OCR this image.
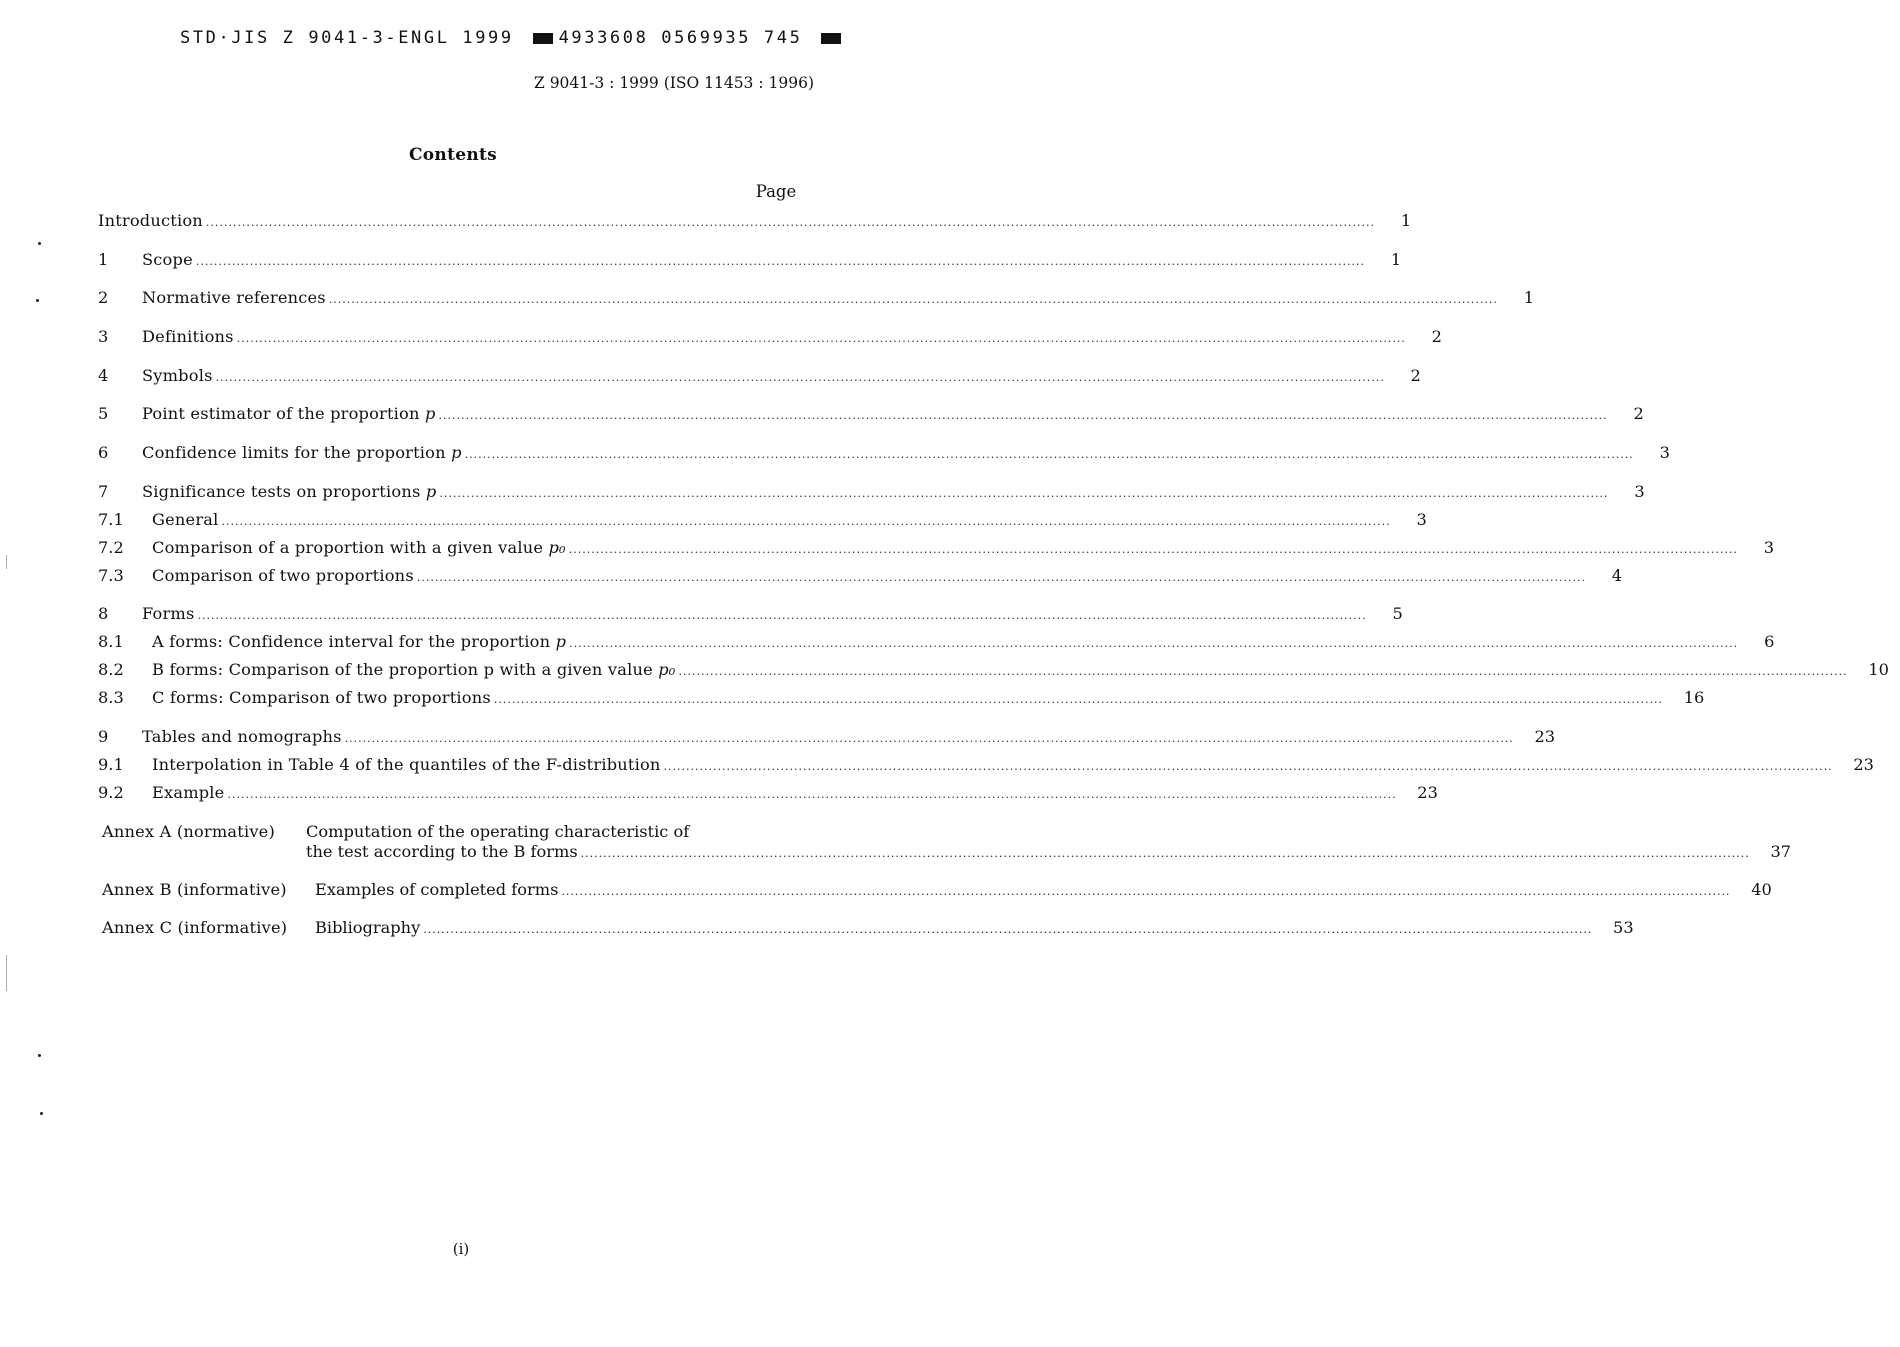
STD·JIS Z 9041-3-ENGL 1999	4933608 0569935 745
Z 9041-3 : 1999 (ISO 11453 : 1996)
Contents
Page
Introduction .....	1
1	Scope .....	1
2	Normative references .....	1
3	Definitions .....	2
4	Symbols .....	2
5	Point estimator of the proportion p .....	2
6	Confidence limits for the proportion p .....	3
7	Significance tests on proportions p .....	3
7.1	General .....	3
7.2	Comparison of a proportion with a given value p₀ .....	3
7.3	Comparison of two proportions .....	4
8	Forms .....	5
8.1	A forms: Confidence interval for the proportion p .....	6
8.2	B forms: Comparison of the proportion p with a given value p₀ .....	10
8.3	C forms: Comparison of two proportions .....	16
9	Tables and nomographs .....	23
9.1	Interpolation in Table 4 of the quantiles of the F-distribution .....	23
9.2	Example .....	23
Annex A (normative)	Computation of the operating characteristic of
the test according to the B forms .....	37
Annex B (informative)	Examples of completed forms .....	40
Annex C (informative)	Bibliography .....	53
(i)
